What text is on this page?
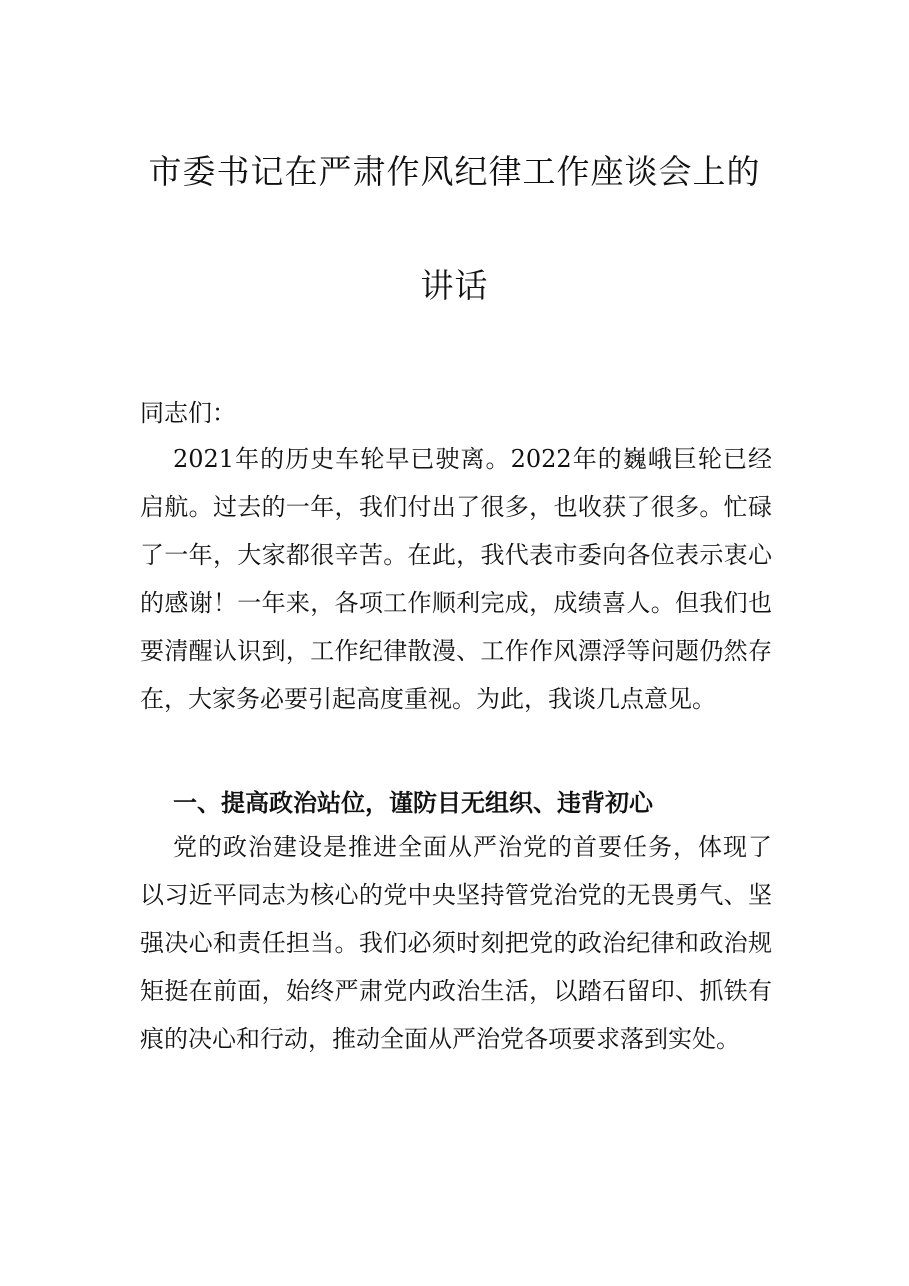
市委书记在严肃作风纪律工作座谈会上的
讲话

同志们：

2021年的历史车轮早已驶离。2022年的巍峨巨轮已经启航。过去的一年，我们付出了很多，也收获了很多。忙碌了一年，大家都很辛苦。在此，我代表市委向各位表示衷心的感谢！一年来，各项工作顺利完成，成绩喜人。但我们也要清醒认识到，工作纪律散漫、工作作风漂浮等问题仍然存在，大家务必要引起高度重视。为此，我谈几点意见。

一、提高政治站位，谨防目无组织、违背初心

党的政治建设是推进全面从严治党的首要任务，体现了以习近平同志为核心的党中央坚持管党治党的无畏勇气、坚强决心和责任担当。我们必须时刻把党的政治纪律和政治规矩挺在前面，始终严肃党内政治生活，以踏石留印、抓铁有痕的决心和行动，推动全面从严治党各项要求落到实处。
